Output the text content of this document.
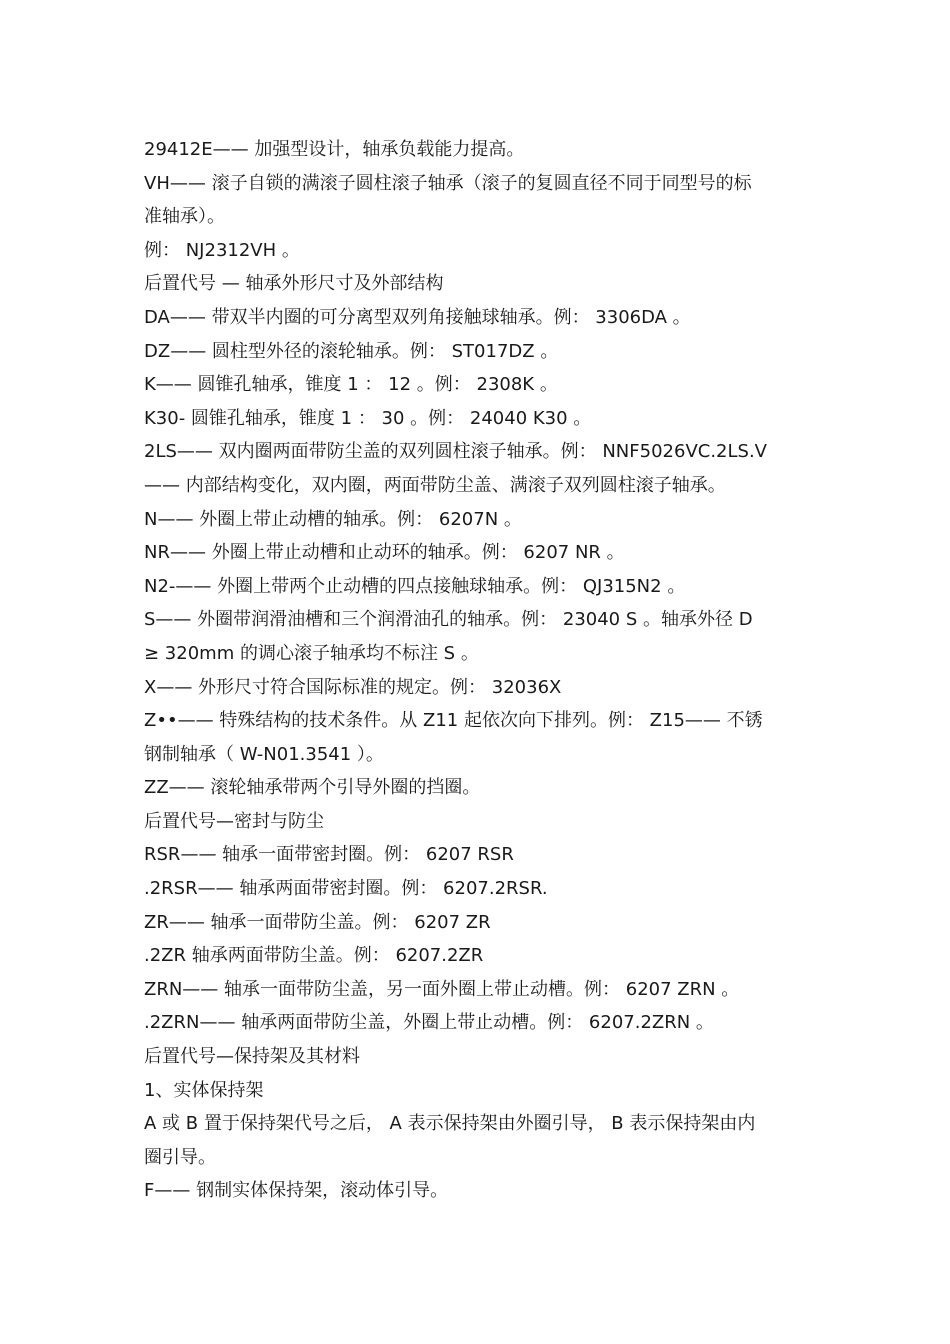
29412E—— 加强型设计，轴承负载能力提高。
VH—— 滚子自锁的满滚子圆柱滚子轴承（滚子的复圆直径不同于同型号的标
准轴承）。
例： NJ2312VH 。
后置代号 — 轴承外形尺寸及外部结构
DA—— 带双半内圈的可分离型双列角接触球轴承。例： 3306DA 。
DZ—— 圆柱型外径的滚轮轴承。例： ST017DZ 。
K—— 圆锥孔轴承，锥度 1 ： 12 。例： 2308K 。
K30- 圆锥孔轴承，锥度 1 ： 30 。例： 24040 K30 。
2LS—— 双内圈两面带防尘盖的双列圆柱滚子轴承。例： NNF5026VC.2LS.V
—— 内部结构变化，双内圈，两面带防尘盖、满滚子双列圆柱滚子轴承。
N—— 外圈上带止动槽的轴承。例： 6207N 。
NR—— 外圈上带止动槽和止动环的轴承。例： 6207 NR 。
N2-—— 外圈上带两个止动槽的四点接触球轴承。例： QJ315N2 。
S—— 外圈带润滑油槽和三个润滑油孔的轴承。例： 23040 S 。轴承外径 D
≥ 320mm 的调心滚子轴承均不标注 S 。
X—— 外形尺寸符合国际标准的规定。例： 32036X
Z••—— 特殊结构的技术条件。从 Z11 起依次向下排列。例： Z15—— 不锈
钢制轴承（ W-N01.3541 ）。
ZZ—— 滚轮轴承带两个引导外圈的挡圈。
后置代号—密封与防尘
RSR—— 轴承一面带密封圈。例： 6207 RSR
.2RSR—— 轴承两面带密封圈。例： 6207.2RSR.
ZR—— 轴承一面带防尘盖。例： 6207 ZR
.2ZR 轴承两面带防尘盖。例： 6207.2ZR
ZRN—— 轴承一面带防尘盖，另一面外圈上带止动槽。例： 6207 ZRN 。
.2ZRN—— 轴承两面带防尘盖，外圈上带止动槽。例： 6207.2ZRN 。
后置代号—保持架及其材料
1、实体保持架
A 或 B 置于保持架代号之后， A 表示保持架由外圈引导， B 表示保持架由内
圈引导。
F—— 钢制实体保持架，滚动体引导。
